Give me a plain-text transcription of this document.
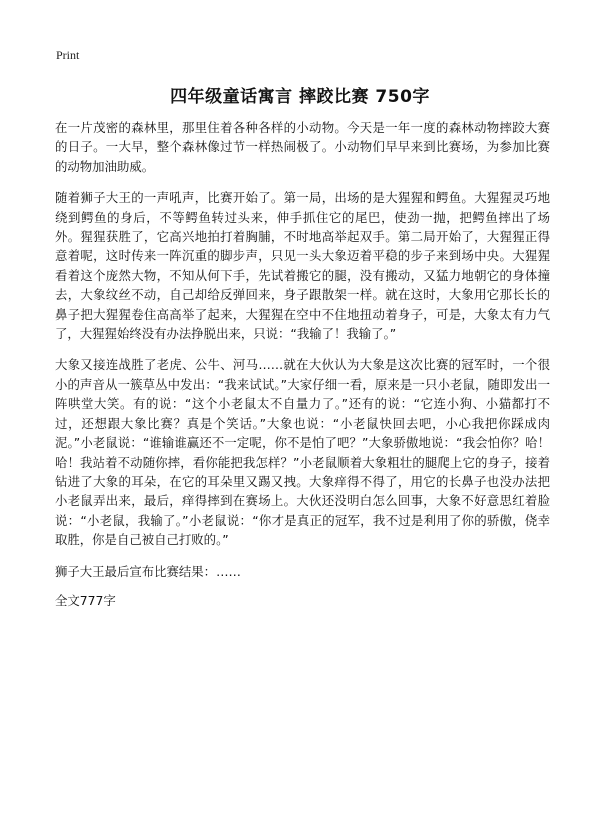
Print
四年级童话寓言 摔跤比赛 750字

在一片茂密的森林里，那里住着各种各样的小动物。今天是一年一度的森林动物摔跤大赛的日子。一大早，整个森林像过节一样热闹极了。小动物们早早来到比赛场，为参加比赛的动物加油助威。

随着狮子大王的一声吼声，比赛开始了。第一局，出场的是大猩猩和鳄鱼。大猩猩灵巧地绕到鳄鱼的身后，不等鳄鱼转过头来，伸手抓住它的尾巴，使劲一抛，把鳄鱼摔出了场外。猩猩获胜了，它高兴地拍打着胸脯，不时地高举起双手。第二局开始了，大猩猩正得意着呢，这时传来一阵沉重的脚步声，只见一头大象迈着平稳的步子来到场中央。大猩猩看着这个庞然大物，不知从何下手，先试着搬它的腿，没有搬动，又猛力地朝它的身体撞去，大象纹丝不动，自己却给反弹回来，身子跟散架一样。就在这时，大象用它那长长的鼻子把大猩猩卷住高高举了起来，大猩猩在空中不住地扭动着身子，可是，大象太有力气了，大猩猩始终没有办法挣脱出来，只说：“我输了！我输了。”

大象又接连战胜了老虎、公牛、河马……就在大伙认为大象是这次比赛的冠军时，一个很小的声音从一簇草丛中发出：“我来试试。”大家仔细一看，原来是一只小老鼠，随即发出一阵哄堂大笑。有的说：“这个小老鼠太不自量力了。”还有的说：“它连小狗、小猫都打不过，还想跟大象比赛？真是个笑话。”大象也说：“小老鼠快回去吧，小心我把你踩成肉泥。”小老鼠说：“谁输谁赢还不一定呢，你不是怕了吧？”大象骄傲地说：“我会怕你？哈！哈！我站着不动随你摔，看你能把我怎样？”小老鼠顺着大象粗壮的腿爬上它的身子，接着钻进了大象的耳朵，在它的耳朵里又踢又拽。大象痒得不得了，用它的长鼻子也没办法把小老鼠弄出来，最后，痒得摔到在赛场上。大伙还没明白怎么回事，大象不好意思红着脸说：“小老鼠，我输了。”小老鼠说：“你才是真正的冠军，我不过是利用了你的骄傲，侥幸取胜，你是自己被自己打败的。”

狮子大王最后宣布比赛结果：……

全文777字
